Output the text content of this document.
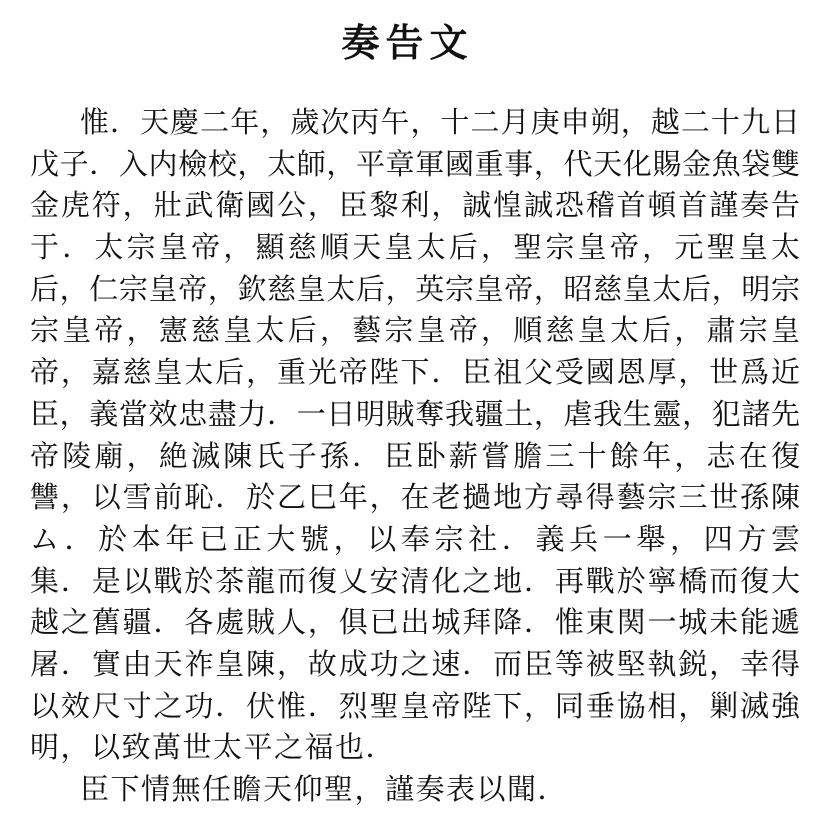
奏告文
惟．天慶二年，歲次丙午，十二月庚申朔，越二十九日
戊子．入内檢校，太師，平章軍國重事，代天化賜金魚袋雙
金虎符，壯武衛國公，臣黎利，誠惶誠恐稽首頓首謹奏告
于．太宗皇帝，顯慈順天皇太后，聖宗皇帝，元聖皇太
后，仁宗皇帝，欽慈皇太后，英宗皇帝，昭慈皇太后，明宗
宗皇帝，憲慈皇太后，藝宗皇帝，順慈皇太后，肅宗皇
帝，嘉慈皇太后，重光帝陛下．臣祖父受國恩厚，世爲近
臣，義當效忠盡力．一日明賊奪我疆土，虐我生靈，犯諸先
帝陵廟，絶滅陳氏子孫．臣卧薪嘗膽三十餘年，志在復
讐，以雪前恥．於乙巳年，在老撾地方尋得藝宗三世孫陳
ム．於本年已正大號，以奉宗社．義兵一舉，四方雲
集．是以戰於茶龍而復乂安清化之地．再戰於寧橋而復大
越之舊疆．各處賊人，俱已出城拜降．惟東関一城未能遞
屠．實由天祚皇陳，故成功之速．而臣等被堅執鋭，幸得
以效尺寸之功．伏惟．烈聖皇帝陛下，同垂協相，剿滅強
明，以致萬世太平之福也．
臣下情無任瞻天仰聖，謹奏表以聞．
